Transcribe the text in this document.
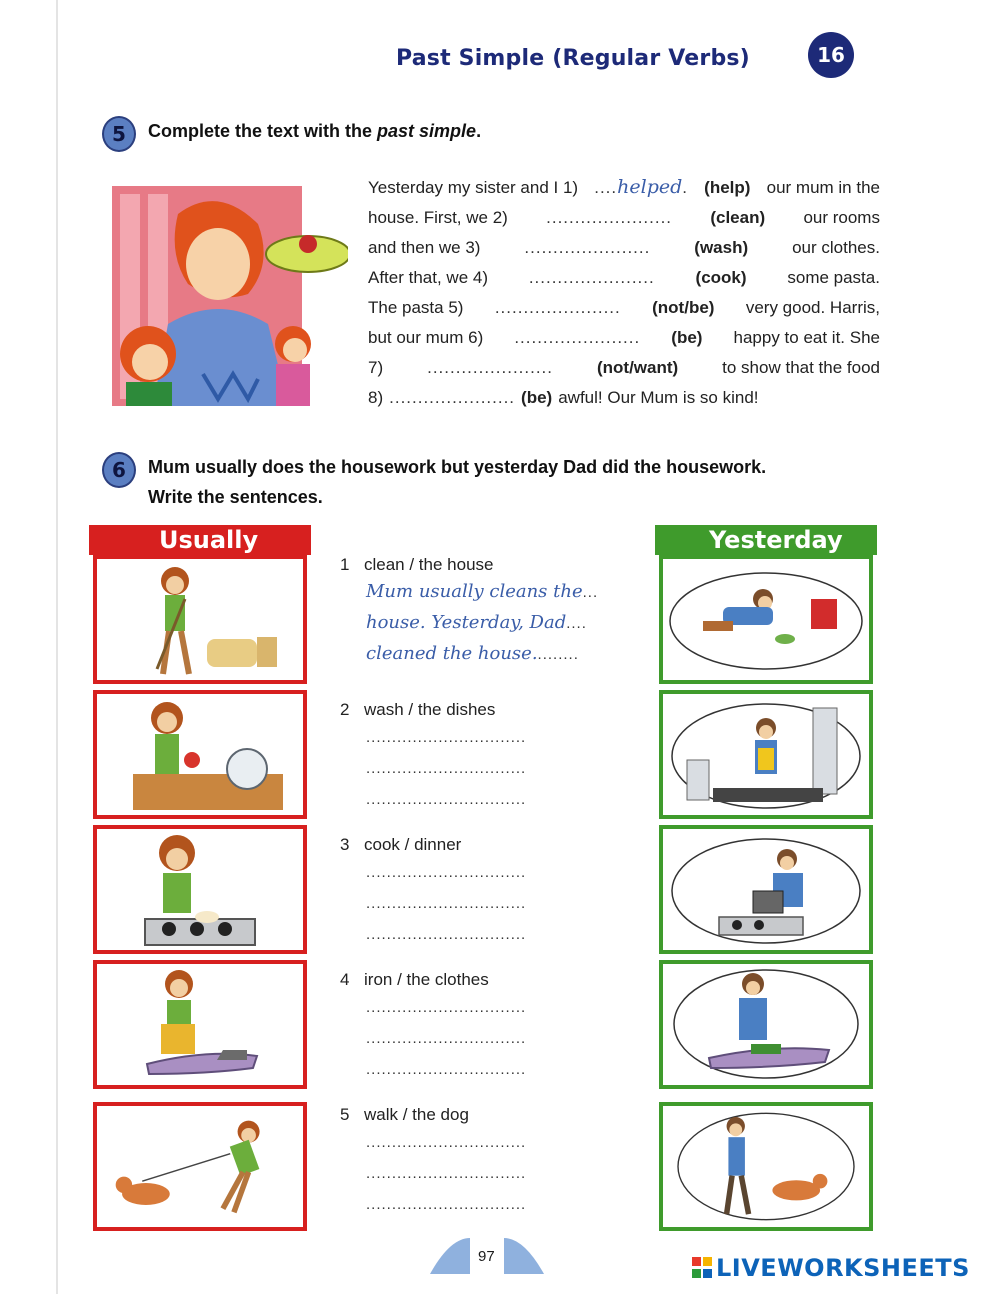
Past Simple (Regular Verbs)	16
5	Complete the text with the past simple.
Yesterday my sister and I 1) ....helped. (help) our mum in the
house. First, we 2) ...................... (clean) our rooms
and then we 3)	......................	(wash)	our clothes.
After that, we 4) ...................... (cook) some pasta.
The pasta 5) ...................... (not/be) very good. Harris,
but our mum 6) ...................... (be) happy to eat it. She
7)	......................	(not/want)	to show that the food
8) ...................... (be) awful! Our Mum is so kind!
6	Mum usually does the housework but yesterday Dad did the housework.
Write the sentences.
Usually	Yesterday
1 clean / the house
Mum usually cleans the...
house. Yesterday, Dad....
cleaned the house.........
2 wash / the dishes
...............................
...............................
...............................
3 cook / dinner
...............................
...............................
...............................
4 iron / the clothes
...............................
...............................
...............................
5 walk / the dog
...............................
...............................
...............................
97	LIVEWORKSHEETS
